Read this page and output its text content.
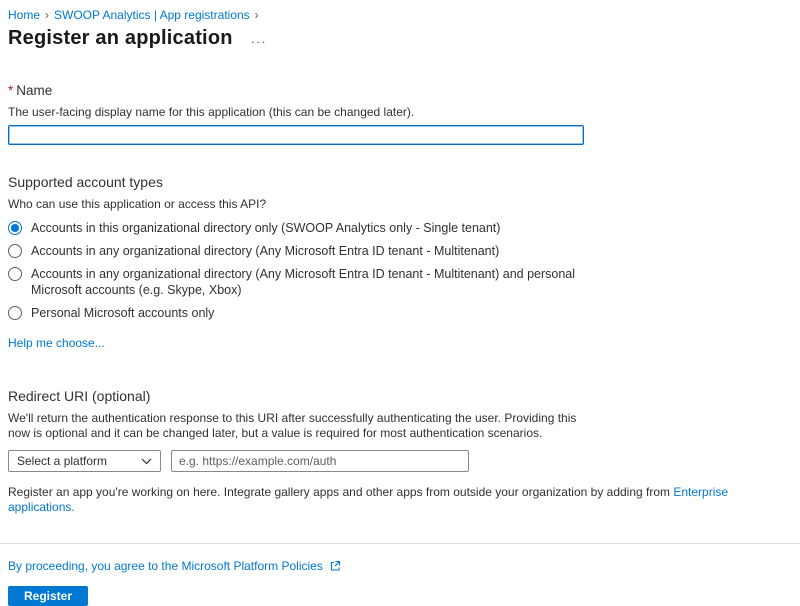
Home › SWOOP Analytics | App registrations ›
Register an application ···
* Name
The user-facing display name for this application (this can be changed later).
Supported account types
Who can use this application or access this API?
Accounts in this organizational directory only (SWOOP Analytics only - Single tenant)
Accounts in any organizational directory (Any Microsoft Entra ID tenant - Multitenant)
Accounts in any organizational directory (Any Microsoft Entra ID tenant - Multitenant) and personal Microsoft accounts (e.g. Skype, Xbox)
Personal Microsoft accounts only
Help me choose...
Redirect URI (optional)
We'll return the authentication response to this URI after successfully authenticating the user. Providing this now is optional and it can be changed later, but a value is required for most authentication scenarios.
Select a platform
e.g. https://example.com/auth
Register an app you're working on here. Integrate gallery apps and other apps from outside your organization by adding from Enterprise applications.
By proceeding, you agree to the Microsoft Platform Policies
Register
